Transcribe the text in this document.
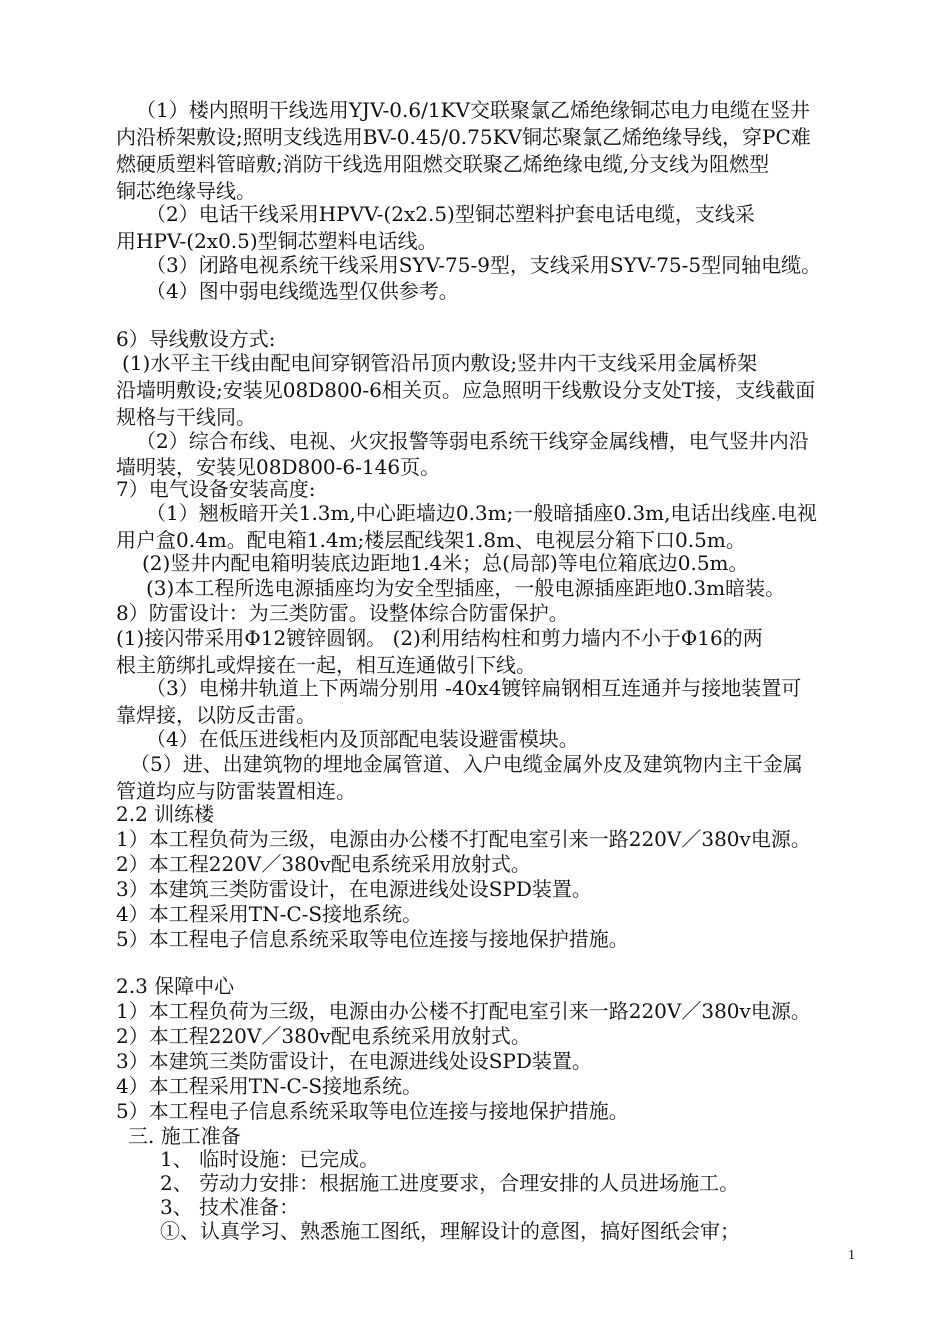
（1）楼内照明干线选用YJV-0.6/1KV交联聚氯乙烯绝缘铜芯电力电缆在竖井
内沿桥架敷设;照明支线选用BV-0.45/0.75KV铜芯聚氯乙烯绝缘导线，穿PC难
燃硬质塑料管暗敷;消防干线选用阻燃交联聚乙烯绝缘电缆,分支线为阻燃型
铜芯绝缘导线。
（2）电话干线采用HPVV-(2x2.5)型铜芯塑料护套电话电缆，支线采
用HPV-(2x0.5)型铜芯塑料电话线。
（3）闭路电视系统干线采用SYV-75-9型，支线采用SYV-75-5型同轴电缆。
（4）图中弱电线缆选型仅供参考。
6）导线敷设方式:
(1)水平主干线由配电间穿钢管沿吊顶内敷设;竖井内干支线采用金属桥架
沿墙明敷设;安装见08D800-6相关页。应急照明干线敷设分支处T接，支线截面
规格与干线同。
（2）综合布线、电视、火灾报警等弱电系统干线穿金属线槽，电气竖井内沿
墙明装，安装见08D800-6-146页。
7）电气设备安装高度:
（1）翘板暗开关1.3m,中心距墙边0.3m;一般暗插座0.3m,电话出线座.电视
用户盒0.4m。配电箱1.4m;楼层配线架1.8m、电视层分箱下口0.5m。
(2)竖井内配电箱明装底边距地1.4米；总(局部)等电位箱底边0.5m。
(3)本工程所选电源插座均为安全型插座，一般电源插座距地0.3m暗装。
8）防雷设计：为三类防雷。设整体综合防雷保护。
(1)接闪带采用Φ12镀锌圆钢。 (2)利用结构柱和剪力墙内不小于Φ16的两
根主筋绑扎或焊接在一起，相互连通做引下线。
（3）电梯井轨道上下两端分别用 -40x4镀锌扁钢相互连通并与接地装置可
靠焊接，以防反击雷。
（4）在低压进线柜内及顶部配电装设避雷模块。
（5）进、出建筑物的埋地金属管道、入户电缆金属外皮及建筑物内主干金属
管道均应与防雷装置相连。
2.2 训练楼
1）本工程负荷为三级，电源由办公楼不打配电室引来一路220V／380v电源。
2）本工程220V／380v配电系统采用放射式。
3）本建筑三类防雷设计，在电源进线处设SPD装置。
4）本工程采用TN-C-S接地系统。
5）本工程电子信息系统采取等电位连接与接地保护措施。
2.3 保障中心
1）本工程负荷为三级，电源由办公楼不打配电室引来一路220V／380v电源。
2）本工程220V／380v配电系统采用放射式。
3）本建筑三类防雷设计，在电源进线处设SPD装置。
4）本工程采用TN-C-S接地系统。
5）本工程电子信息系统采取等电位连接与接地保护措施。
三. 施工准备
1、 临时设施：已完成。
2、 劳动力安排：根据施工进度要求，合理安排的人员进场施工。
3、 技术准备：
①、认真学习、熟悉施工图纸，理解设计的意图，搞好图纸会审；
1
